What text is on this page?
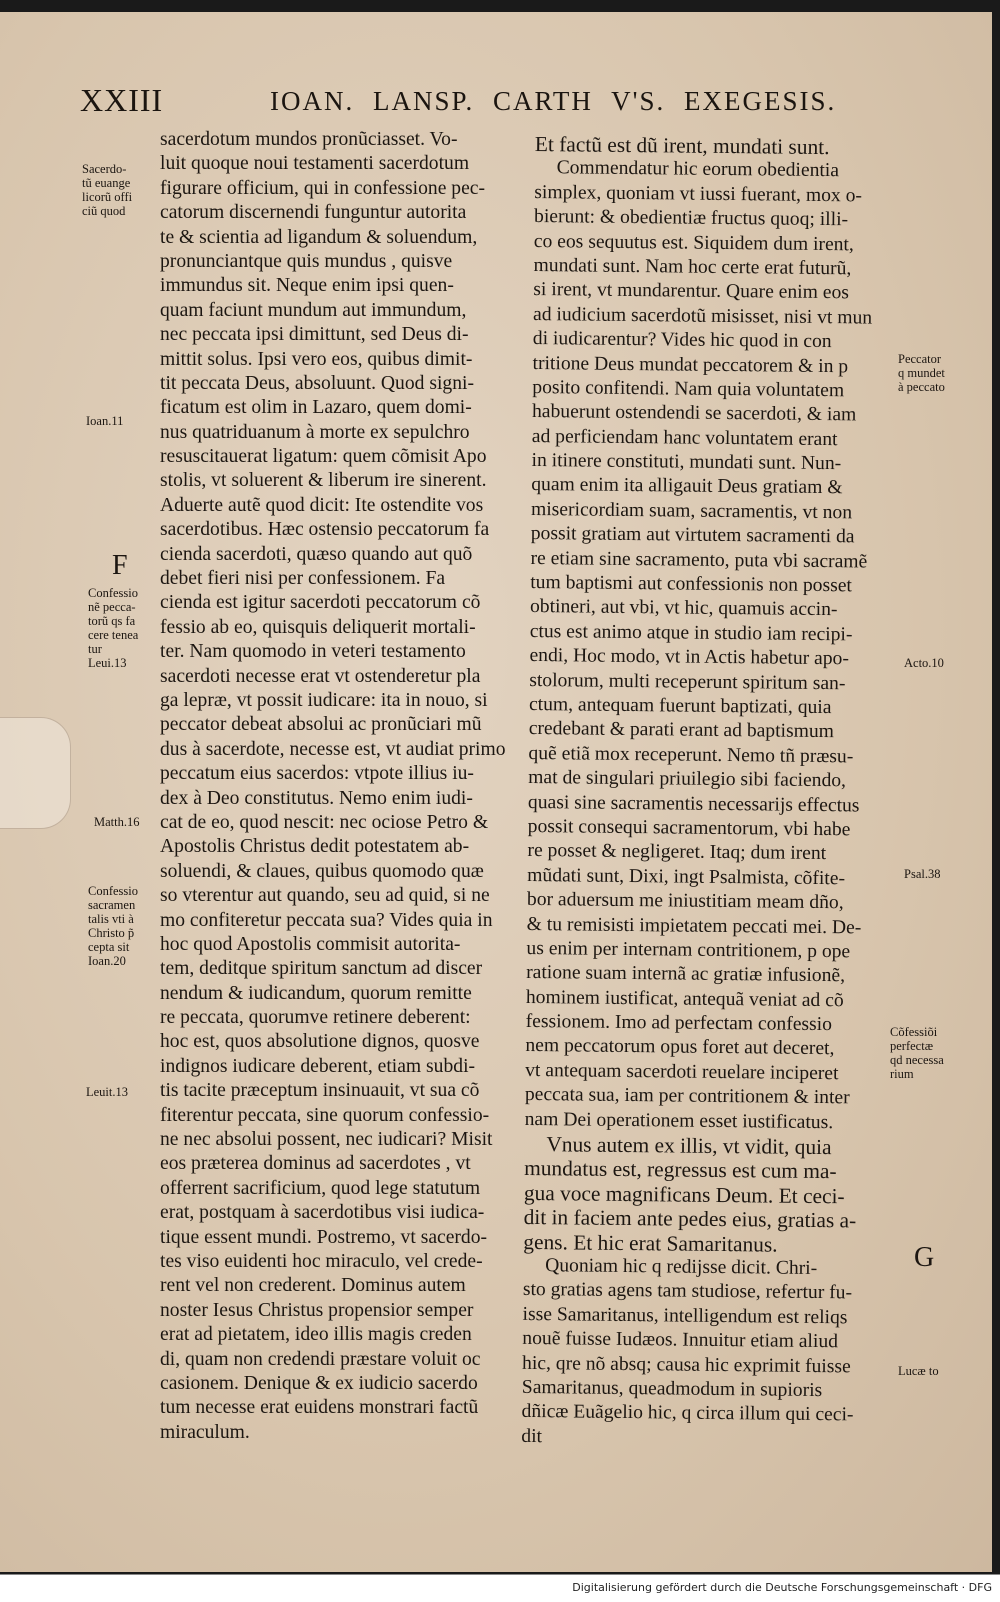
XXIII	IOAN. LANSP. CARTH V'S. EXEGESIS.
sacerdotum mundos pronũciasset. Vo-
luit quoque noui testamenti sacerdotum
figurare officium, qui in confessione pec-
catorum discernendi funguntur autorita
te & scientia ad ligandum & soluendum,
pronunciantque quis mundus , quisve
immundus sit. Neque enim ipsi quen-
quam faciunt mundum aut immundum,
nec peccata ipsi dimittunt, sed Deus di-
mittit solus. Ipsi vero eos, quibus dimit-
tit peccata Deus, absoluunt. Quod signi-
ficatum est olim in Lazaro, quem domi-
nus quatriduanum à morte ex sepulchro
resuscitauerat ligatum: quem cõmisit Apo
stolis, vt soluerent & liberum ire sinerent.
Aduerte autẽ quod dicit: Ite ostendite vos
sacerdotibus. Hæc ostensio peccatorum fa
cienda sacerdoti, quæso quando aut quõ
debet fieri nisi per confessionem. Fa
cienda est igitur sacerdoti peccatorum cõ
fessio ab eo, quisquis deliquerit mortali-
ter. Nam quomodo in veteri testamento
sacerdoti necesse erat vt ostenderetur pla
ga lepræ, vt possit iudicare: ita in nouo, si
peccator debeat absolui ac pronũciari mũ
dus à sacerdote, necesse est, vt audiat primo
peccatum eius sacerdos: vtpote illius iu-
dex à Deo constitutus. Nemo enim iudi-
cat de eo, quod nescit: nec ociose Petro &
Apostolis Christus dedit potestatem ab-
soluendi, & claues, quibus quomodo quæ
so vterentur aut quando, seu ad quid, si ne
mo confiteretur peccata sua? Vides quia in
hoc quod Apostolis commisit autorita-
tem, deditque spiritum sanctum ad discer
nendum & iudicandum, quorum remitte
re peccata, quorumve retinere deberent:
hoc est, quos absolutione dignos, quosve
indignos iudicare deberent, etiam subdi-
tis tacite præceptum insinuauit, vt sua cõ
fiterentur peccata, sine quorum confessio-
ne nec absolui possent, nec iudicari? Misit
eos præterea dominus ad sacerdotes , vt
offerrent sacrificium, quod lege statutum
erat, postquam à sacerdotibus visi iudica-
tique essent mundi. Postremo, vt sacerdo-
tes viso euidenti hoc miraculo, vel crede-
rent vel non crederent. Dominus autem
noster Iesus Christus propensior semper
erat ad pietatem, ideo illis magis creden
di, quam non credendi præstare voluit oc
casionem. Denique & ex iudicio sacerdo
tum necesse erat euidens monstrari factũ
miraculum.
Et factũ est dũ irent, mundati sunt.
Commendatur hic eorum obedientia
simplex, quoniam vt iussi fuerant, mox o-
bierunt: & obedientiæ fructus quoq; illi-
co eos sequutus est. Siquidem dum irent,
mundati sunt. Nam hoc certe erat futurũ,
si irent, vt mundarentur. Quare enim eos
ad iudicium sacerdotũ misisset, nisi vt mun
di iudicarentur? Vides hic quod in con
tritione Deus mundat peccatorem & in p
posito confitendi. Nam quia voluntatem
habuerunt ostendendi se sacerdoti, & iam
ad perficiendam hanc voluntatem erant
in itinere constituti, mundati sunt. Nun-
quam enim ita alligauit Deus gratiam &
misericordiam suam, sacramentis, vt non
possit gratiam aut virtutem sacramenti da
re etiam sine sacramento, puta vbi sacramẽ
tum baptismi aut confessionis non posset
obtineri, aut vbi, vt hic, quamuis accin-
ctus est animo atque in studio iam recipi-
endi, Hoc modo, vt in Actis habetur apo-
stolorum, multi receperunt spiritum san-
ctum, antequam fuerunt baptizati, quia
credebant & parati erant ad baptismum
quẽ etiã mox receperunt. Nemo tñ præsu-
mat de singulari priuilegio sibi faciendo,
quasi sine sacramentis necessarijs effectus
possit consequi sacramentorum, vbi habe
re posset & negligeret. Itaq; dum irent
mũdati sunt, Dixi, ingt Psalmista, cõfite-
bor aduersum me iniustitiam meam dño,
& tu remisisti impietatem peccati mei. De-
us enim per internam contritionem, p ope
ratione suam internã ac gratiæ infusionẽ,
hominem iustificat, antequã veniat ad cõ
fessionem. Imo ad perfectam confessio
nem peccatorum opus foret aut deceret,
vt antequam sacerdoti reuelare inciperet
peccata sua, iam per contritionem & inter
nam Dei operationem esset iustificatus.
Vnus autem ex illis, vt vidit, quia
mundatus est, regressus est cum ma-
gua voce magnificans Deum. Et ceci-
dit in faciem ante pedes eius, gratias a-
gens. Et hic erat Samaritanus.
Quoniam hic q redijsse dicit. Chri-
sto gratias agens tam studiose, refertur fu-
isse Samaritanus, intelligendum est reliqs
nouẽ fuisse Iudæos. Innuitur etiam aliud
hic, qre nõ absq; causa hic exprimit fuisse
Samaritanus, queadmodum in supioris
dñicæ Euãgelio hic, q circa illum qui ceci-
dit
Sacerdo-
tũ euange
licorũ offi
ciũ quod
Ioan.11
Confessio
nẽ pecca-
torũ qs fa
cere tenea
tur
Leui.13
Matth.16
Confessio
sacramen
talis vti à
Christo p̃
cepta sit
Ioan.20
Leuit.13
Peccator
q mundet
à peccato
Acto.10
Psal.38
Cõfessiõi
perfectæ
qd necessa
rium
Lucæ to
F
G
Digitalisierung gefördert durch die Deutsche Forschungsgemeinschaft · DFG
